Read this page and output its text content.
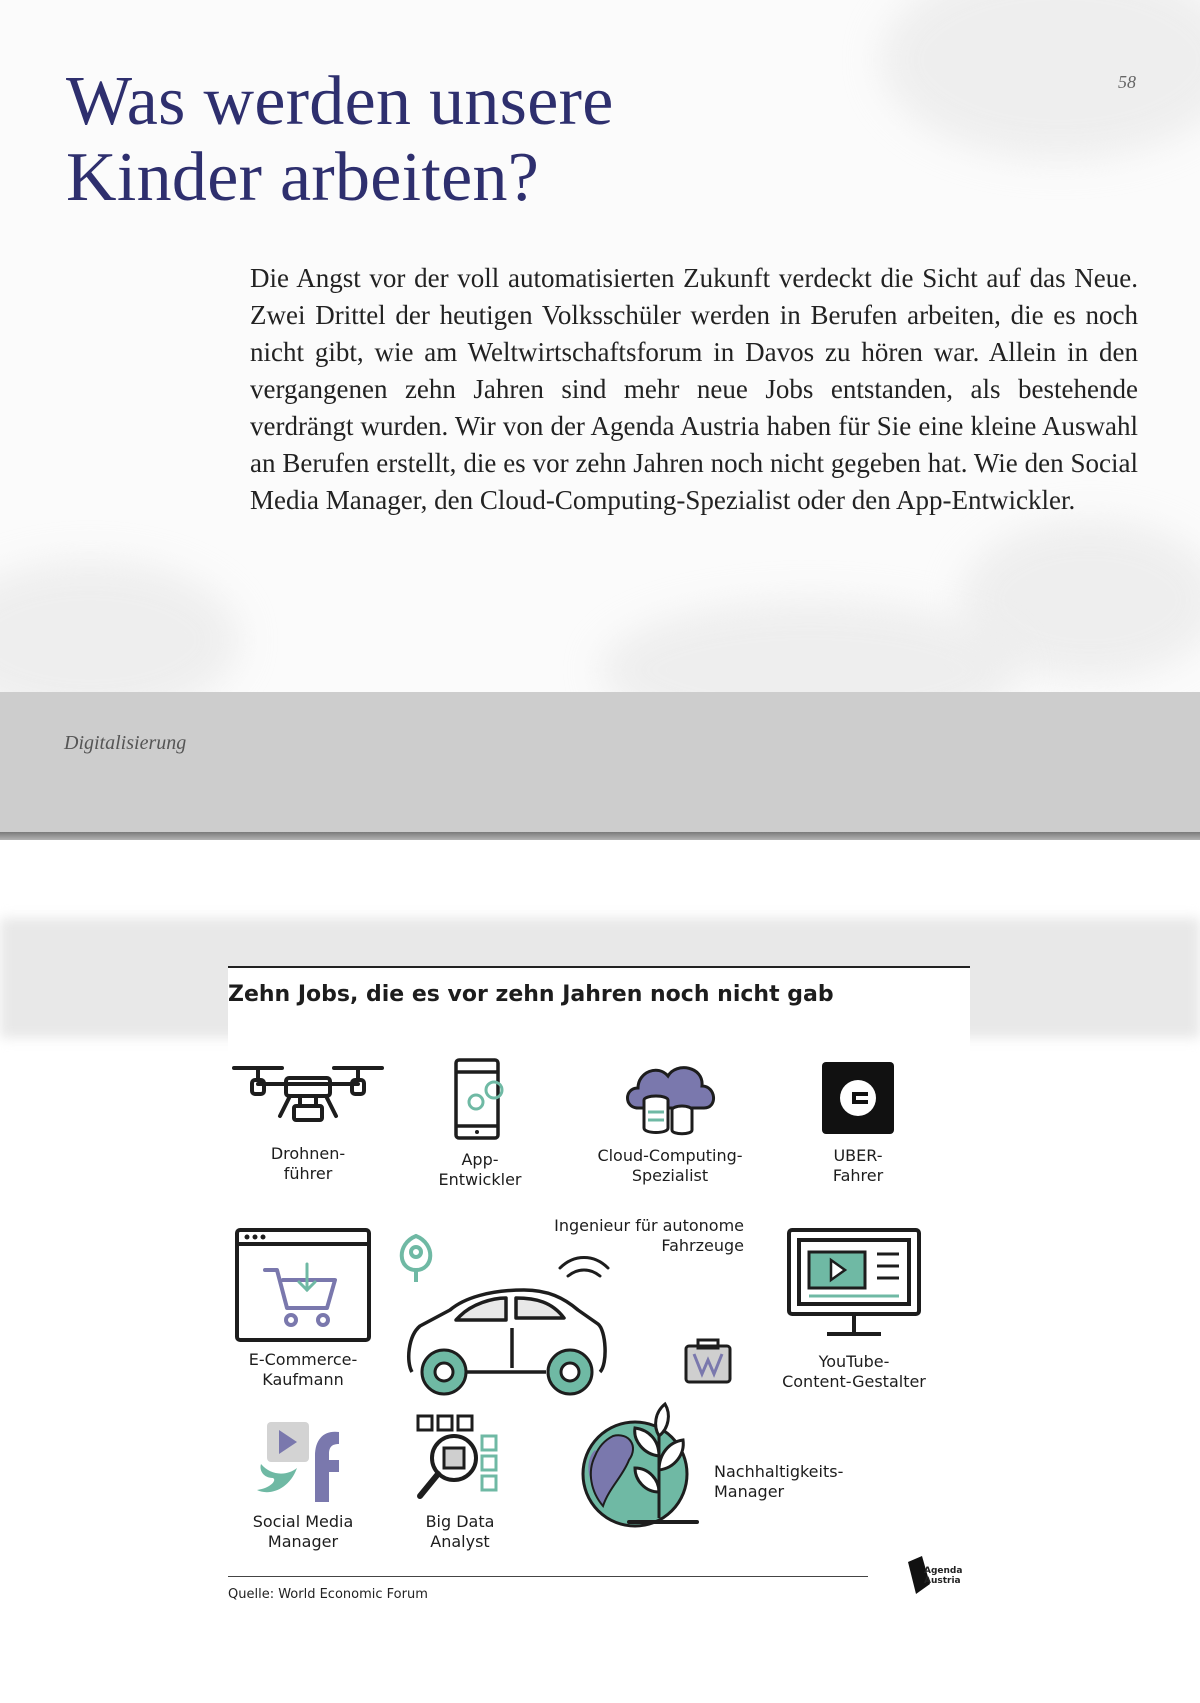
Was werden unsere
Kinder arbeiten?
58

Die Angst vor der voll automatisierten Zukunft verdeckt die Sicht auf das Neue. Zwei Drittel der heutigen Volksschüler werden in Berufen arbeiten, die es noch nicht gibt, wie am Weltwirtschaftsforum in Davos zu hören war. Allein in den vergangenen zehn Jahren sind mehr neue Jobs entstanden, als bestehende verdrängt wurden. Wir von der Agenda Austria haben für Sie eine kleine Auswahl an Berufen erstellt, die es vor zehn Jahren noch nicht gegeben hat. Wie den Social Media Manager, den Cloud-Computing-Spezialist oder den App-Entwickler.

Digitalisierung
Zehn Jobs, die es vor zehn Jahren noch nicht gab
Drohnen-
führer
App-
Entwickler
Cloud-Computing-
Spezialist
UBER-
Fahrer
E-Commerce-
Kaufmann
Ingenieur für autonome
Fahrzeuge
YouTube-
Content-Gestalter
Social Media
Manager
Big Data
Analyst
Nachhaltigkeits-
Manager
Quelle: World Economic Forum
Agenda
Austria
